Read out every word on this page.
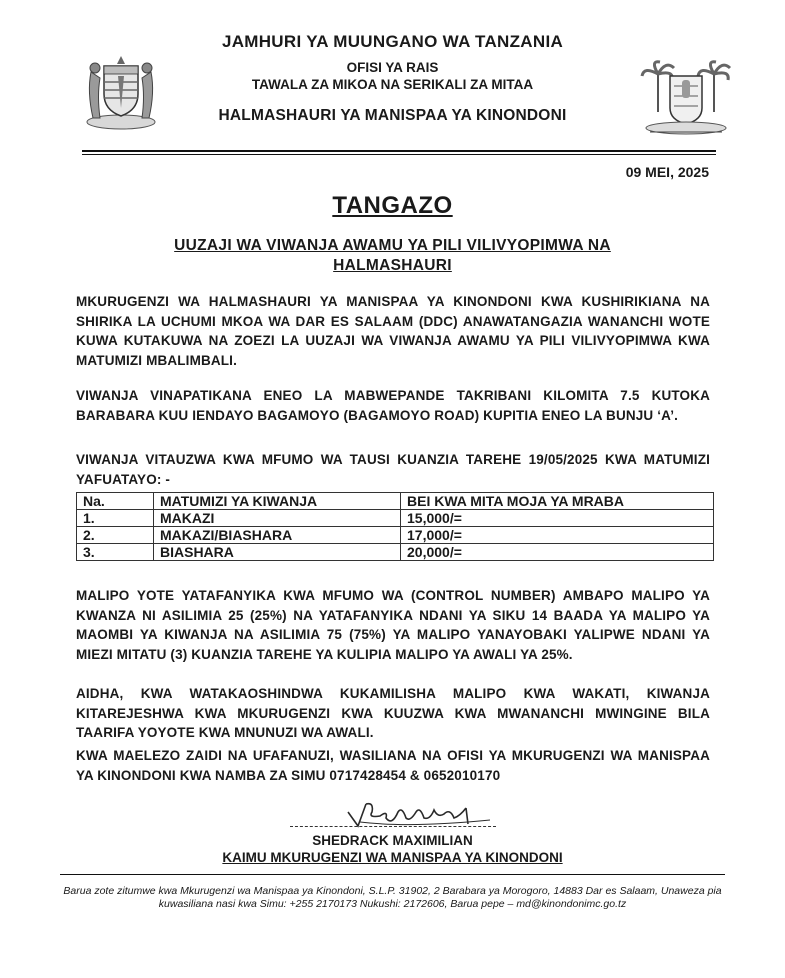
JAMHURI YA MUUNGANO WA TANZANIA
OFISI YA RAIS
TAWALA ZA MIKOA NA SERIKALI ZA MITAA
HALMASHAURI YA MANISPAA YA KINONDONI
09 MEI, 2025
TANGAZO
UUZAJI WA VIWANJA AWAMU YA PILI VILIVYOPIMWA NA HALMASHAURI
MKURUGENZI WA HALMASHAURI YA MANISPAA YA KINONDONI KWA KUSHIRIKIANA NA SHIRIKA LA UCHUMI MKOA WA DAR ES SALAAM (DDC) ANAWATANGAZIA WANANCHI WOTE KUWA KUTAKUWA NA ZOEZI LA UUZAJI WA VIWANJA AWAMU YA PILI VILIVYOPIMWA KWA MATUMIZI MBALIMBALI.
VIWANJA VINAPATIKANA ENEO LA MABWEPANDE TAKRIBANI KILOMITA 7.5 KUTOKA BARABARA KUU IENDAYO BAGAMOYO (BAGAMOYO ROAD) KUPITIA ENEO LA BUNJU ‘A’.
VIWANJA VITAUZWA KWA MFUMO WA TAUSI KUANZIA TAREHE 19/05/2025 KWA MATUMIZI YAFUATAYO: -
Na.	MATUMIZI YA KIWANJA	BEI KWA MITA MOJA YA MRABA
1.	MAKAZI	15,000/=
2.	MAKAZI/BIASHARA	17,000/=
3.	BIASHARA	20,000/=
MALIPO YOTE YATAFANYIKA KWA MFUMO WA (CONTROL NUMBER) AMBAPO MALIPO YA KWANZA NI ASILIMIA 25 (25%) NA YATAFANYIKA NDANI YA SIKU 14 BAADA YA MALIPO YA MAOMBI YA KIWANJA NA ASILIMIA 75 (75%) YA MALIPO YANAYOBAKI YALIPWE NDANI YA MIEZI MITATU (3) KUANZIA TAREHE YA KULIPIA MALIPO YA AWALI YA 25%.
AIDHA, KWA WATAKAOSHINDWA KUKAMILISHA MALIPO KWA WAKATI, KIWANJA KITAREJESHWA KWA MKURUGENZI KWA KUUZWA KWA MWANANCHI MWINGINE BILA TAARIFA YOYOTE KWA MNUNUZI WA AWALI.
KWA MAELEZO ZAIDI NA UFAFANUZI, WASILIANA NA OFISI YA MKURUGENZI WA MANISPAA YA KINONDONI KWA NAMBA ZA SIMU 0717428454 & 0652010170
SHEDRACK MAXIMILIAN
KAIMU MKURUGENZI WA MANISPAA YA KINONDONI
Barua zote zitumwe kwa Mkurugenzi wa Manispaa ya Kinondoni, S.L.P. 31902, 2 Barabara ya Morogoro, 14883 Dar es Salaam, Unaweza pia kuwasiliana nasi kwa Simu: +255 2170173 Nukushi: 2172606, Barua pepe – md@kinondonimc.go.tz
